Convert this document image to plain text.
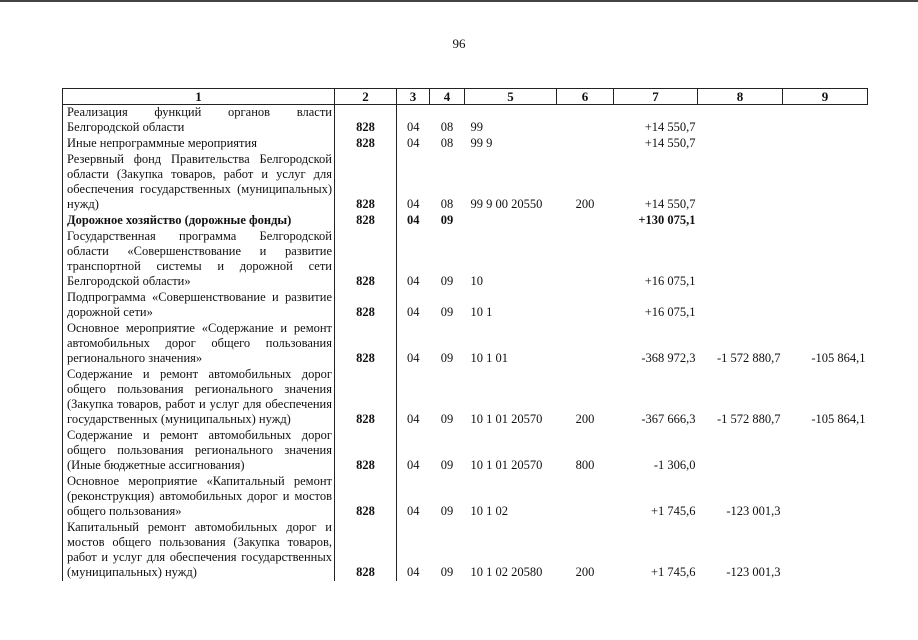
96
1	2	3	4	5	6	7	8	9
Реализация функций органов власти Белгородской области	828	04	08	99		+14 550,7		
Иные непрограммные мероприятия	828	04	08	99 9		+14 550,7		
Резервный фонд Правительства Белгородской области (Закупка товаров, работ и услуг для обеспечения государственных (муниципальных) нужд)	828	04	08	99 9 00 20550	200	+14 550,7		
Дорожное хозяйство (дорожные фонды)	828	04	09			+130 075,1		
Государственная программа Белгородской области «Совершенствование и развитие транспортной системы и дорожной сети Белгородской области»	828	04	09	10		+16 075,1		
Подпрограмма «Совершенствование и развитие дорожной сети»	828	04	09	10 1		+16 075,1		
Основное мероприятие «Содержание и ремонт автомобильных дорог общего пользования регионального значения»	828	04	09	10 1 01		-368 972,3	-1 572 880,7	-105 864,1
Содержание и ремонт автомобильных дорог общего пользования регионального значения (Закупка товаров, работ и услуг для обеспечения государственных (муниципальных) нужд)	828	04	09	10 1 01 20570	200	-367 666,3	-1 572 880,7	-105 864,1
Содержание и ремонт автомобильных дорог общего пользования регионального значения (Иные бюджетные ассигнования)	828	04	09	10 1 01 20570	800	-1 306,0		
Основное мероприятие «Капитальный ремонт (реконструкция) автомобильных дорог и мостов общего пользования»	828	04	09	10 1 02		+1 745,6	-123 001,3	
Капитальный ремонт автомобильных дорог и мостов общего пользования (Закупка товаров, работ и услуг для обеспечения государственных (муниципальных) нужд)	828	04	09	10 1 02 20580	200	+1 745,6	-123 001,3	
